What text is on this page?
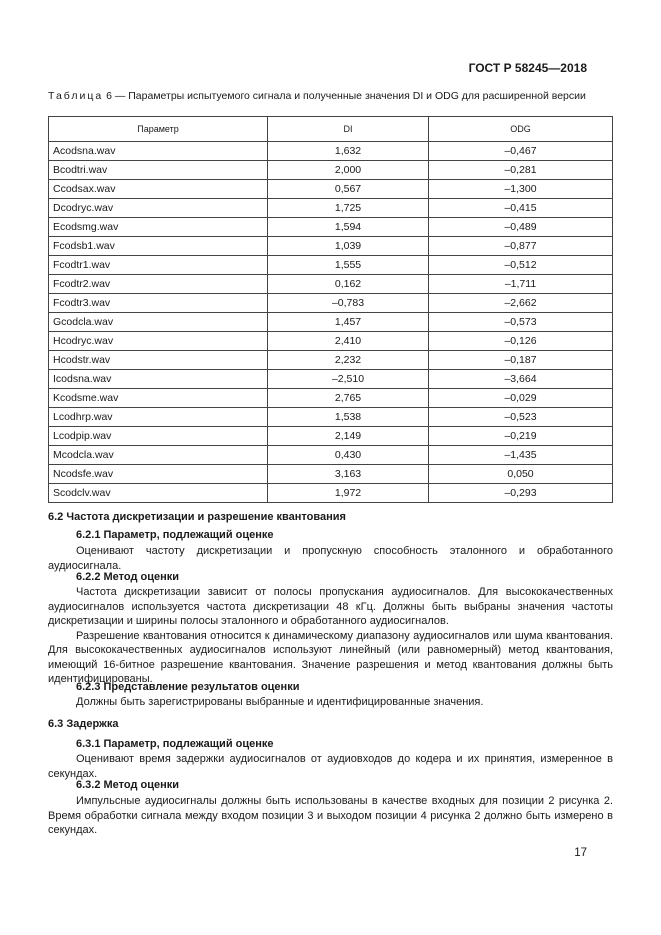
ГОСТ Р 58245—2018
Таблица 6 — Параметры испытуемого сигнала и полученные значения DI и ODG для расширенной версии
Параметр	DI	ODG
Acodsna.wav	1,632	–0,467
Bcodtri.wav	2,000	–0,281
Ccodsax.wav	0,567	–1,300
Dcodryc.wav	1,725	–0,415
Ecodsmg.wav	1,594	–0,489
Fcodsb1.wav	1,039	–0,877
Fcodtr1.wav	1,555	–0,512
Fcodtr2.wav	0,162	–1,711
Fcodtr3.wav	–0,783	–2,662
Gcodcla.wav	1,457	–0,573
Hcodryc.wav	2,410	–0,126
Hcodstr.wav	2,232	–0,187
Icodsna.wav	–2,510	–3,664
Kcodsme.wav	2,765	–0,029
Lcodhrp.wav	1,538	–0,523
Lcodpip.wav	2,149	–0,219
Mcodcla.wav	0,430	–1,435
Ncodsfe.wav	3,163	0,050
Scodclv.wav	1,972	–0,293
6.2 Частота дискретизации и разрешение квантования
6.2.1 Параметр, подлежащий оценке

Оценивают частоту дискретизации и пропускную способность эталонного и обработанного аудиосигнала.

6.2.2 Метод оценки

Частота дискретизации зависит от полосы пропускания аудиосигналов. Для высококачественных аудиосигналов используется частота дискретизации 48 кГц. Должны быть выбраны значения частоты дискретизации и ширины полосы эталонного и обработанного аудиосигналов.

Разрешение квантования относится к динамическому диапазону аудиосигналов или шума квантования. Для высококачественных аудиосигналов используют линейный (или равномерный) метод квантования, имеющий 16-битное разрешение квантования. Значение разрешения и метод квантования должны быть идентифицированы.

6.2.3 Представление результатов оценки

Должны быть зарегистрированы выбранные и идентифицированные значения.

6.3 Задержка
6.3.1 Параметр, подлежащий оценке

Оценивают время задержки аудиосигналов от аудиовходов до кодера и их принятия, измеренное в секундах.

6.3.2 Метод оценки

Импульсные аудиосигналы должны быть использованы в качестве входных для позиции 2 рисунка 2. Время обработки сигнала между входом позиции 3 и выходом позиции 4 рисунка 2 должно быть измерено в секундах.

17
